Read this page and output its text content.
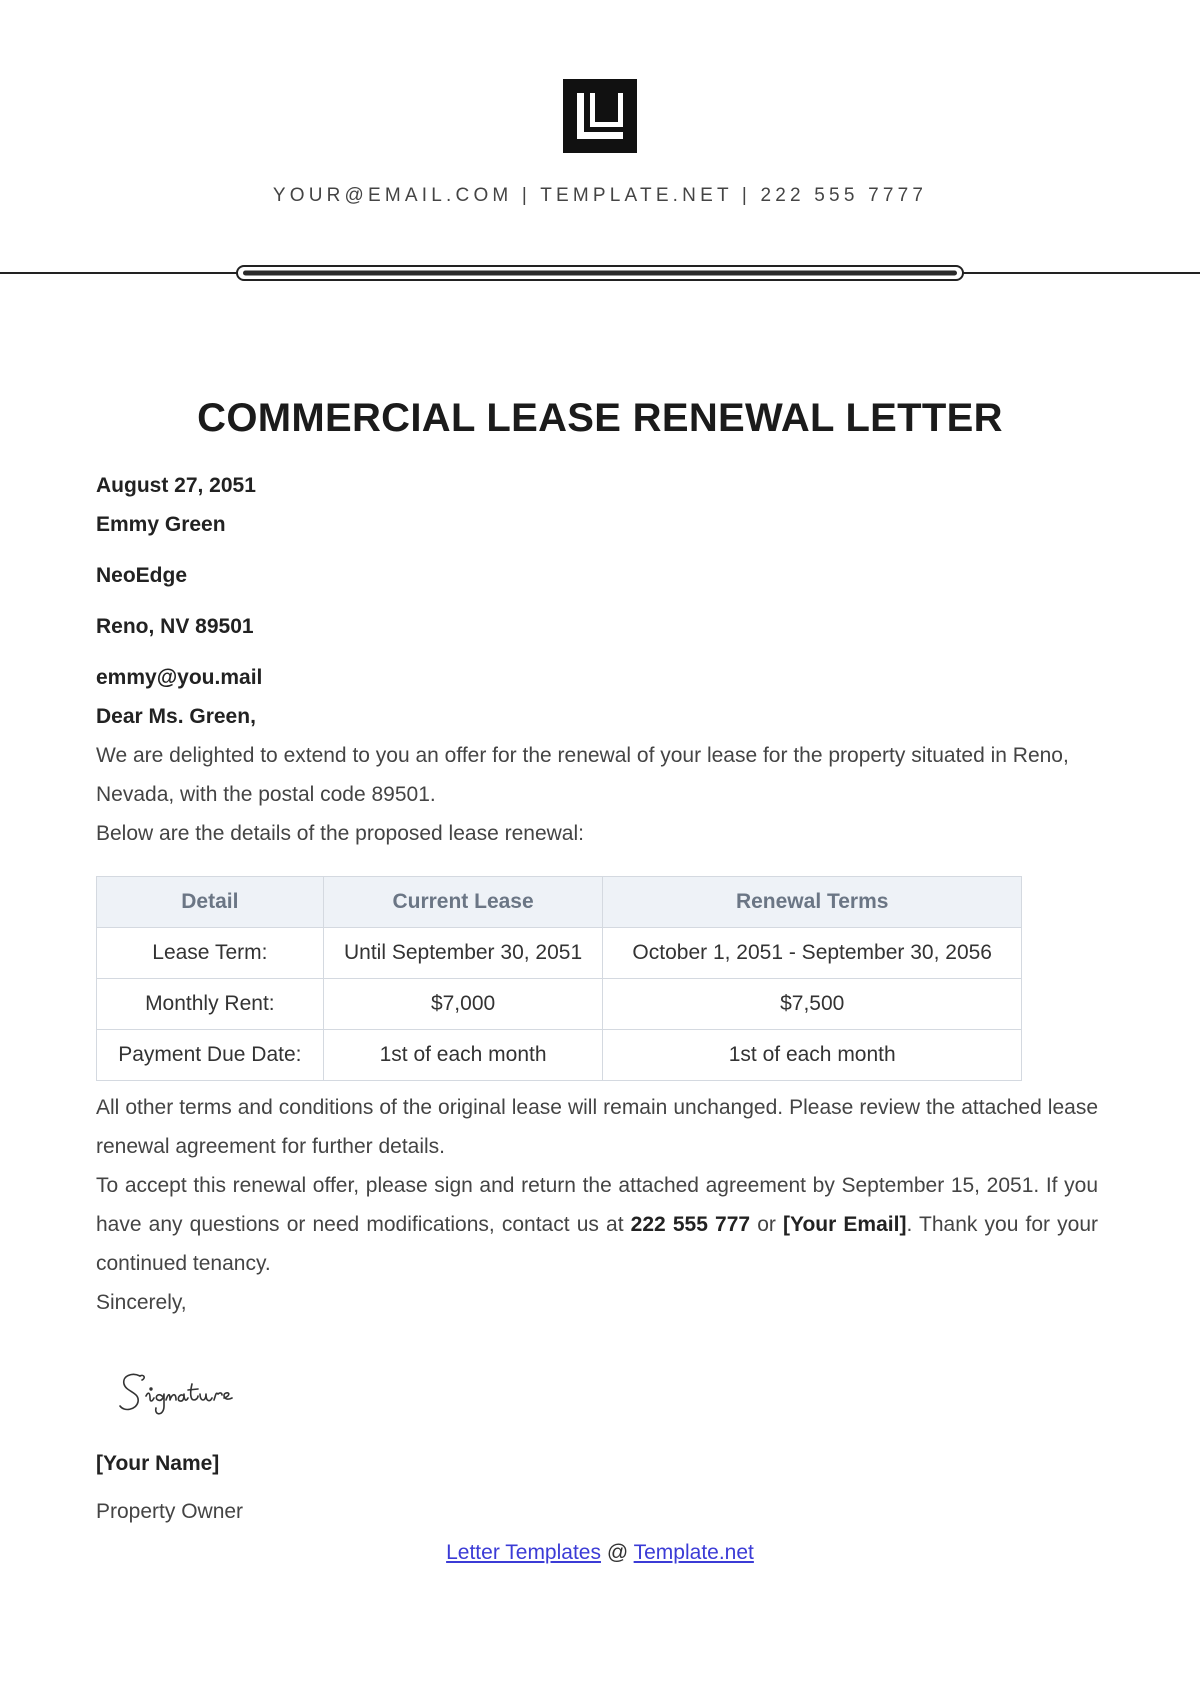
YOUR@EMAIL.COM | TEMPLATE.NET | 222 555 7777
COMMERCIAL LEASE RENEWAL LETTER

August 27, 2051

Emmy Green

NeoEdge

Reno, NV 89501

emmy@you.mail

Dear Ms. Green,

We are delighted to extend to you an offer for the renewal of your lease for the property situated in Reno, Nevada, with the postal code 89501.

Below are the details of the proposed lease renewal:

Detail	Current Lease	Renewal Terms
Lease Term:	Until September 30, 2051	October 1, 2051 - September 30, 2056
Monthly Rent:	$7,000	$7,500
Payment Due Date:	1st of each month	1st of each month

All other terms and conditions of the original lease will remain unchanged. Please review the attached lease renewal agreement for further details.

To accept this renewal offer, please sign and return the attached agreement by September 15, 2051. If you have any questions or need modifications, contact us at 222 555 777 or [Your Email]. Thank you for your continued tenancy.

Sincerely,

[Your Name]
Property Owner
Letter Templates @ Template.net
